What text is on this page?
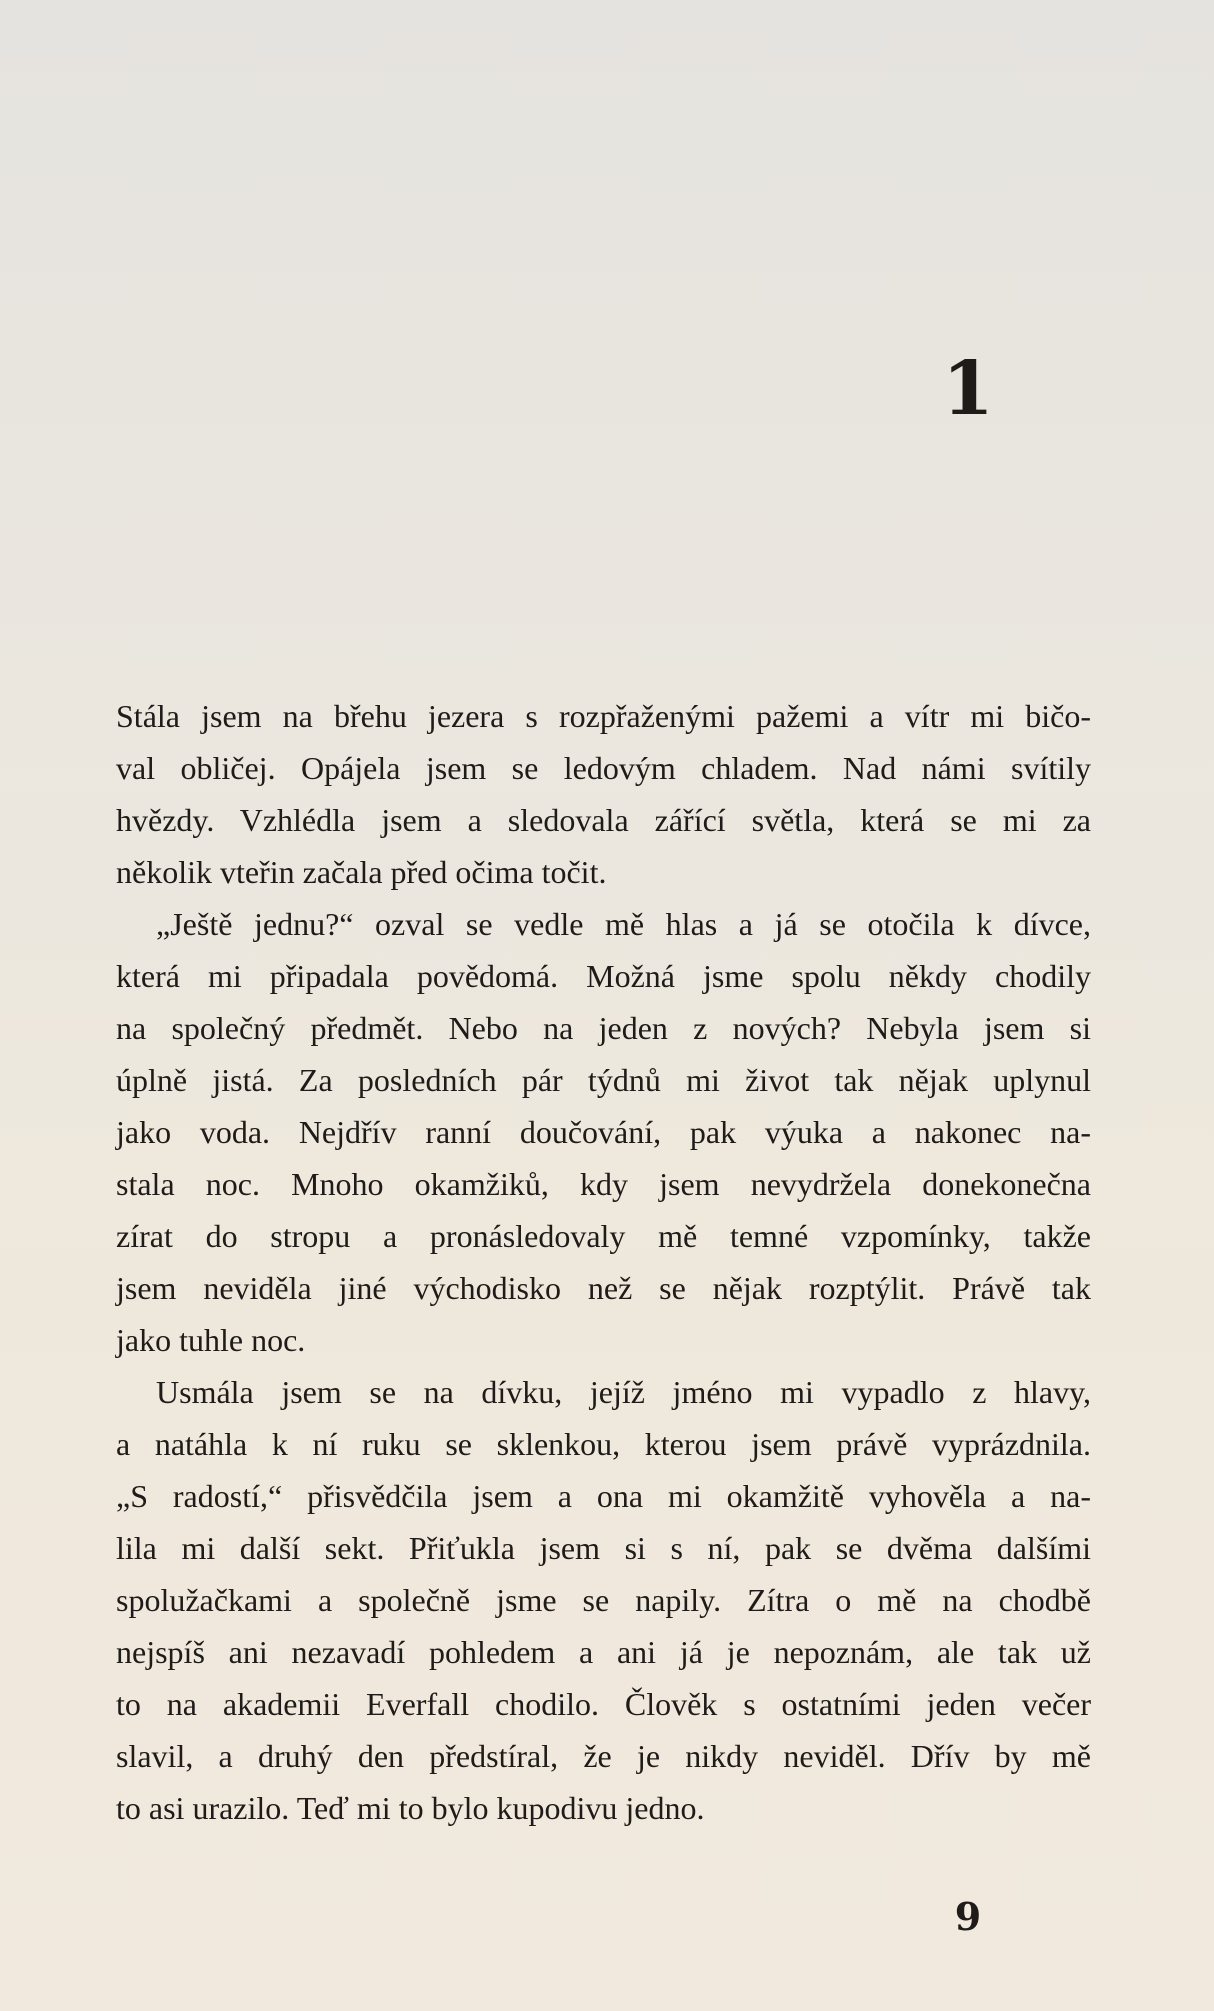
1
Stála jsem na břehu jezera s rozpřaženými pažemi a vítr mi bičo-
val obličej. Opájela jsem se ledovým chladem. Nad námi svítily
hvězdy. Vzhlédla jsem a sledovala zářící světla, která se mi za
několik vteřin začala před očima točit.
„Ještě jednu?“ ozval se vedle mě hlas a já se otočila k dívce,
která mi připadala povědomá. Možná jsme spolu někdy chodily
na společný předmět. Nebo na jeden z nových? Nebyla jsem si
úplně jistá. Za posledních pár týdnů mi život tak nějak uplynul
jako voda. Nejdřív ranní doučování, pak výuka a nakonec na-
stala noc. Mnoho okamžiků, kdy jsem nevydržela donekonečna
zírat do stropu a pronásledovaly mě temné vzpomínky, takže
jsem neviděla jiné východisko než se nějak rozptýlit. Právě tak
jako tuhle noc.
Usmála jsem se na dívku, jejíž jméno mi vypadlo z hlavy,
a natáhla k ní ruku se sklenkou, kterou jsem právě vyprázdnila.
„S radostí,“ přisvědčila jsem a ona mi okamžitě vyhověla a na-
lila mi další sekt. Přiťukla jsem si s ní, pak se dvěma dalšími
spolužačkami a společně jsme se napily. Zítra o mě na chodbě
nejspíš ani nezavadí pohledem a ani já je nepoznám, ale tak už
to na akademii Everfall chodilo. Člověk s ostatními jeden večer
slavil, a druhý den předstíral, že je nikdy neviděl. Dřív by mě
to asi urazilo. Teď mi to bylo kupodivu jedno.
9
